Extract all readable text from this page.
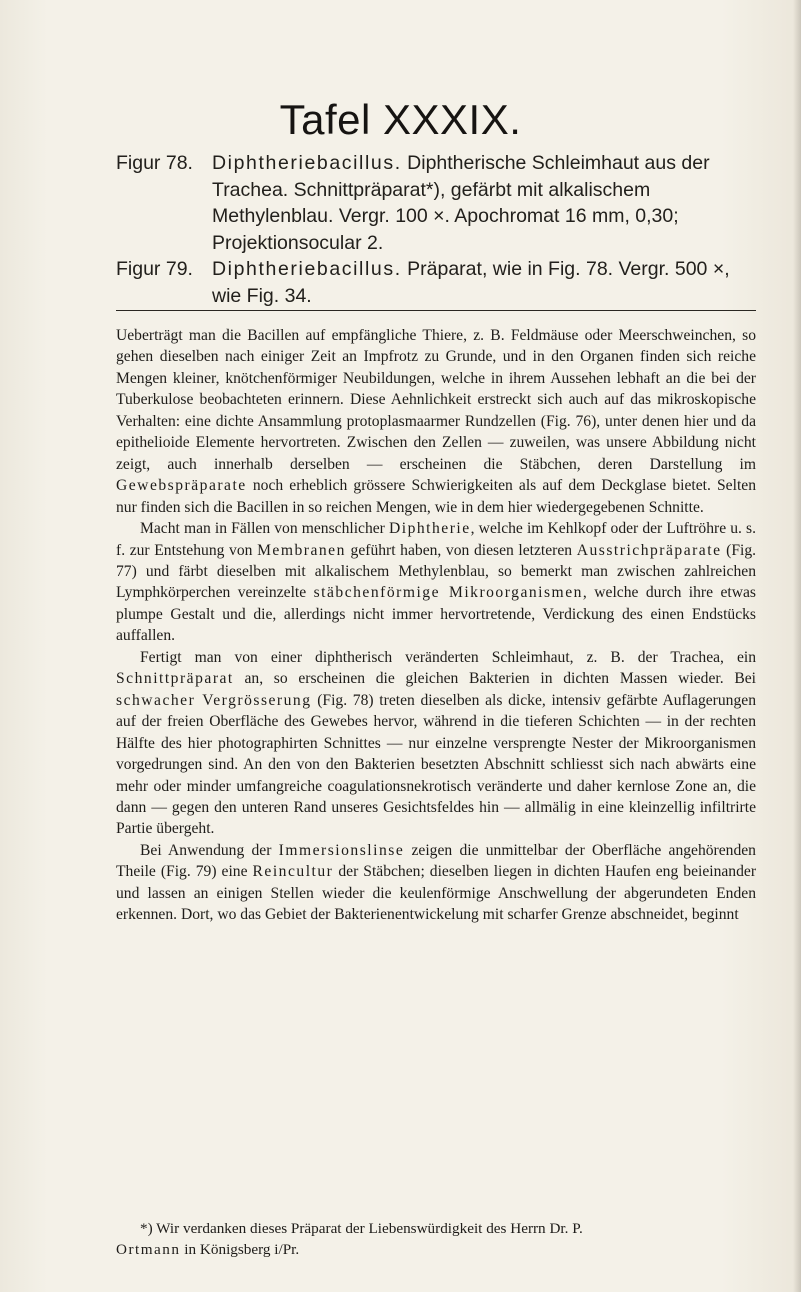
Tafel XXXIX.
Figur 78. Diphtheriebacillus. Diphtherische Schleimhaut aus der Trachea. Schnittpräparat*), gefärbt mit alkalischem Methylenblau. Vergr. 100 ×. Apochromat 16 mm, 0,30; Projektionsocular 2.
Figur 79. Diphtheriebacillus. Präparat, wie in Fig. 78. Vergr. 500 ×, wie Fig. 34.

Ueberträgt man die Bacillen auf empfängliche Thiere, z. B. Feldmäuse oder Meerschweinchen, so gehen dieselben nach einiger Zeit an Impfrotz zu Grunde, und in den Organen finden sich reiche Mengen kleiner, knötchenförmiger Neubildungen, welche in ihrem Aussehen lebhaft an die bei der Tuberkulose beobachteten erinnern. Diese Aehnlichkeit erstreckt sich auch auf das mikroskopische Verhalten: eine dichte Ansammlung protoplasmaarmer Rundzellen (Fig. 76), unter denen hier und da epithelioide Elemente hervortreten. Zwischen den Zellen — zuweilen, was unsere Abbildung nicht zeigt, auch innerhalb derselben — erscheinen die Stäbchen, deren Darstellung im Gewebspräparate noch erheblich grössere Schwierigkeiten als auf dem Deckglase bietet. Selten nur finden sich die Bacillen in so reichen Mengen, wie in dem hier wiedergegebenen Schnitte.

Macht man in Fällen von menschlicher Diphtherie, welche im Kehlkopf oder der Luftröhre u. s. f. zur Entstehung von Membranen geführt haben, von diesen letzteren Ausstrichpräparate (Fig. 77) und färbt dieselben mit alkalischem Methylenblau, so bemerkt man zwischen zahlreichen Lymphkörperchen vereinzelte stäbchenförmige Mikroorganismen, welche durch ihre etwas plumpe Gestalt und die, allerdings nicht immer hervortretende, Verdickung des einen Endstücks auffallen.

Fertigt man von einer diphtherisch veränderten Schleimhaut, z. B. der Trachea, ein Schnittpräparat an, so erscheinen die gleichen Bakterien in dichten Massen wieder. Bei schwacher Vergrösserung (Fig. 78) treten dieselben als dicke, intensiv gefärbte Auflagerungen auf der freien Oberfläche des Gewebes hervor, während in die tieferen Schichten — in der rechten Hälfte des hier photographirten Schnittes — nur einzelne versprengte Nester der Mikroorganismen vorgedrungen sind. An den von den Bakterien besetzten Abschnitt schliesst sich nach abwärts eine mehr oder minder umfangreiche coagulationsnekrotisch veränderte und daher kernlose Zone an, die dann — gegen den unteren Rand unseres Gesichtsfeldes hin — allmälig in eine kleinzellig infiltrirte Partie übergeht.

Bei Anwendung der Immersionslinse zeigen die unmittelbar der Oberfläche angehörenden Theile (Fig. 79) eine Reincultur der Stäbchen; dieselben liegen in dichten Haufen eng beieinander und lassen an einigen Stellen wieder die keulenförmige Anschwellung der abgerundeten Enden erkennen. Dort, wo das Gebiet der Bakterienentwickelung mit scharfer Grenze abschneidet, beginnt

*) Wir verdanken dieses Präparat der Liebenswürdigkeit des Herrn Dr. P.

Ortmann in Königsberg i/Pr.
